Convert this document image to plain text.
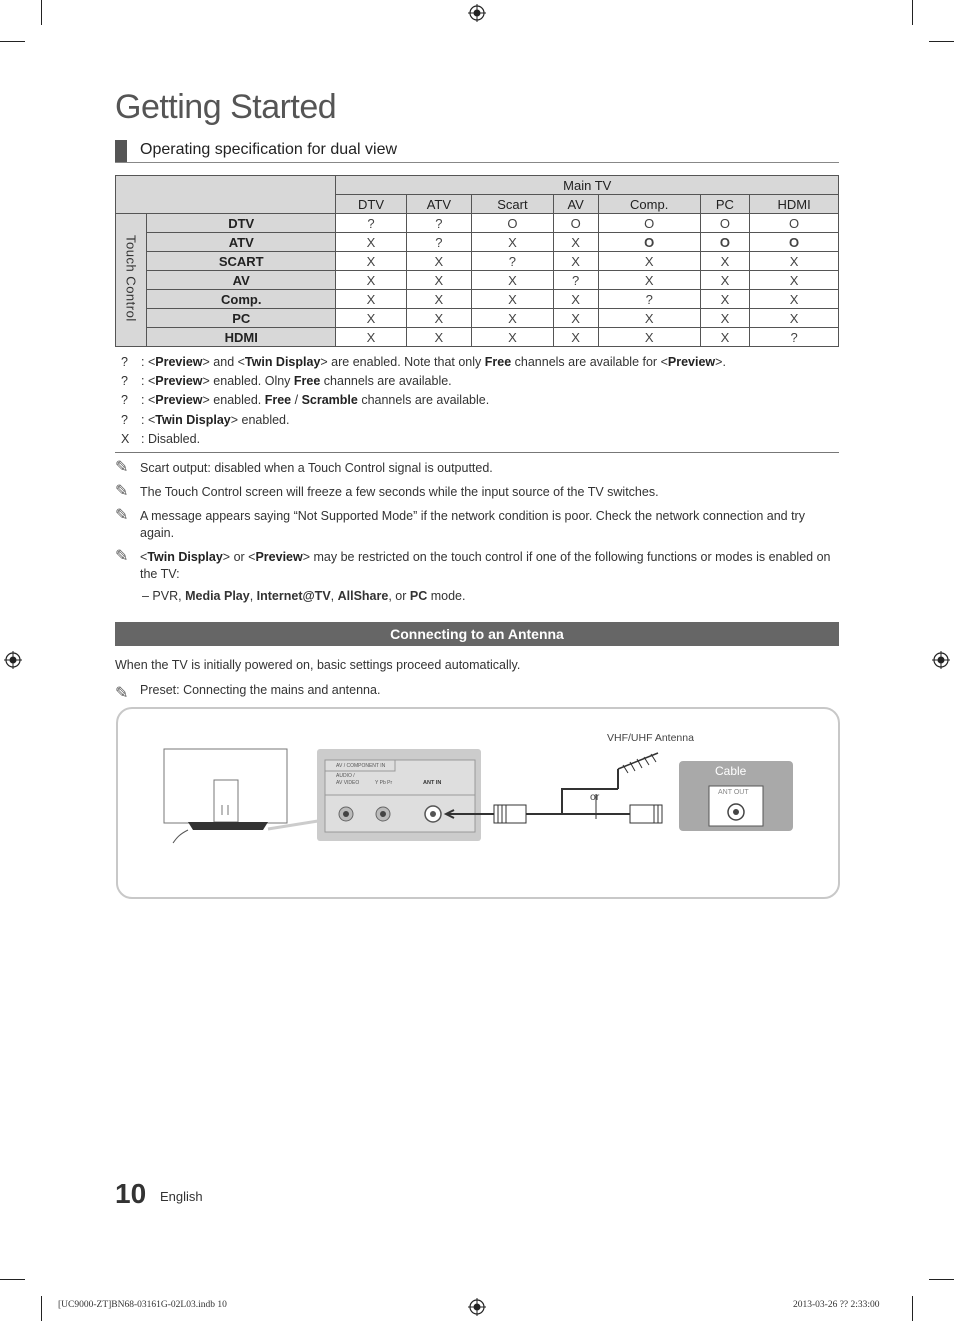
Getting Started
Operating specification for dual view
		Main TV						
		DTV	ATV	Scart	AV	Comp.	PC	HDMI
Touch Control	DTV	?	?	O	O	O	O	O
	ATV	X	?	X	X	O	O	O
	SCART	X	X	?	X	X	X	X
	AV	X	X	X	?	X	X	X
	Comp.	X	X	X	X	?	X	X
	PC	X	X	X	X	X	X	X
	HDMI	X	X	X	X	X	X	?
?	: <Preview> and <Twin Display> are enabled. Note that only Free channels are available for <Preview>.
?	: <Preview> enabled. Olny Free channels are available.
?	: <Preview> enabled. Free / Scramble channels are available.
?	: <Twin Display> enabled.
X : Disabled.
✎ Scart output: disabled when a Touch Control signal is outputted.
✎ The Touch Control screen will freeze a few seconds while the input source of the TV switches.
✎ A message appears saying “Not Supported Mode” if the network condition is poor. Check the network connection and try again.
✎ <Twin Display> or <Preview> may be restricted on the touch control if one of the following functions or modes is enabled on the TV:
– PVR, Media Play, Internet@TV, AllShare, or PC mode.
Connecting to an Antenna
When the TV is initially powered on, basic settings proceed automatically.
✎ Preset: Connecting the mains and antenna.
VHF/UHF Antenna
or
Cable
ANT OUT
AV / COMPONENT IN
AUDIO /
AV VIDEO	Y Pb Pr	ANT IN
10 English
[UC9000-ZT]BN68-03161G-02L03.indb 10	2013-03-26 ?? 2:33:00
